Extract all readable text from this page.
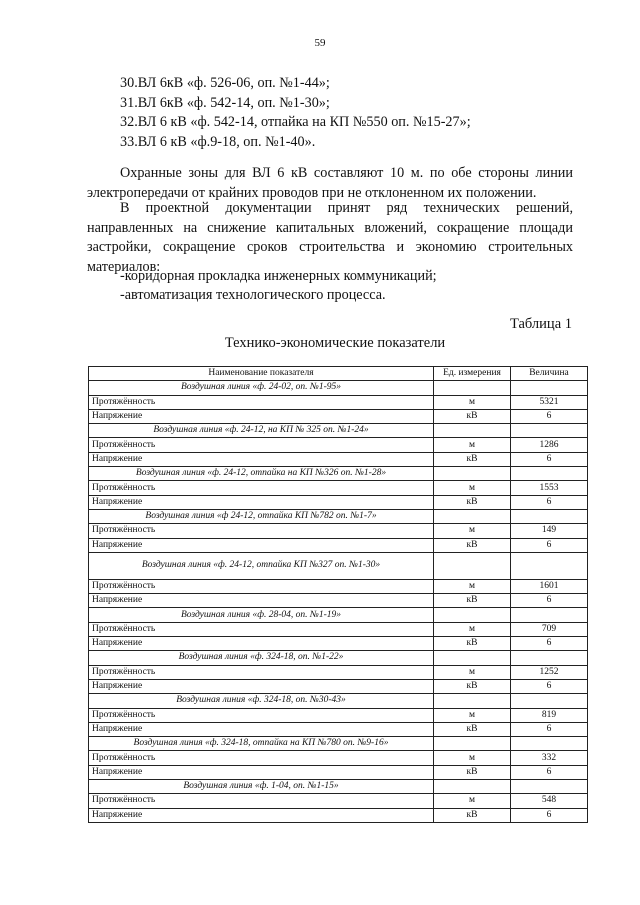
59
30.ВЛ 6кВ «ф. 526-06, оп. №1-44»;
31.ВЛ 6кВ «ф. 542-14, оп. №1-30»;
32.ВЛ 6 кВ «ф. 542-14, отпайка на КП №550 оп. №15-27»;
33.ВЛ 6 кВ «ф.9-18, оп. №1-40».
Охранные зоны для ВЛ 6 кВ составляют 10 м. по обе стороны линии электропередачи от крайних проводов при не отклоненном их положении.
В проектной документации принят ряд технических решений, направленных на снижение капитальных вложений, сокращение площади застройки, сокращение сроков строительства и экономию строительных материалов:
-коридорная прокладка инженерных коммуникаций;
-автоматизация технологического процесса.
Таблица 1
Технико-экономические показатели
Наименование показателя	Ед. измерения	Величина
Воздушная линия «ф. 24-02, оп. №1-95»		
Протяжённость	м	5321
Напряжение	кВ	6
Воздушная линия «ф. 24-12, на КП № 325 оп. №1-24»		
Протяжённость	м	1286
Напряжение	кВ	6
Воздушная линия «ф. 24-12, отпайка на КП №326 оп. №1-28»		
Протяжённость	м	1553
Напряжение	кВ	6
Воздушная линия «ф 24-12, отпайка КП №782 оп. №1-7»		
Протяжённость	м	149
Напряжение	кВ	6
Воздушная линия «ф. 24-12, отпайка КП №327 оп. №1-30»		
Протяжённость	м	1601
Напряжение	кВ	6
Воздушная линия «ф. 28-04, оп. №1-19»		
Протяжённость	м	709
Напряжение	кВ	6
Воздушная линия «ф. 324-18, оп. №1-22»		
Протяжённость	м	1252
Напряжение	кВ	6
Воздушная линия «ф. 324-18, оп. №30-43»		
Протяжённость	м	819
Напряжение	кВ	6
Воздушная линия «ф. 324-18, отпайка на КП №780 оп. №9-16»		
Протяжённость	м	332
Напряжение	кВ	6
Воздушная линия «ф. 1-04, оп. №1-15»		
Протяжённость	м	548
Напряжение	кВ	6
